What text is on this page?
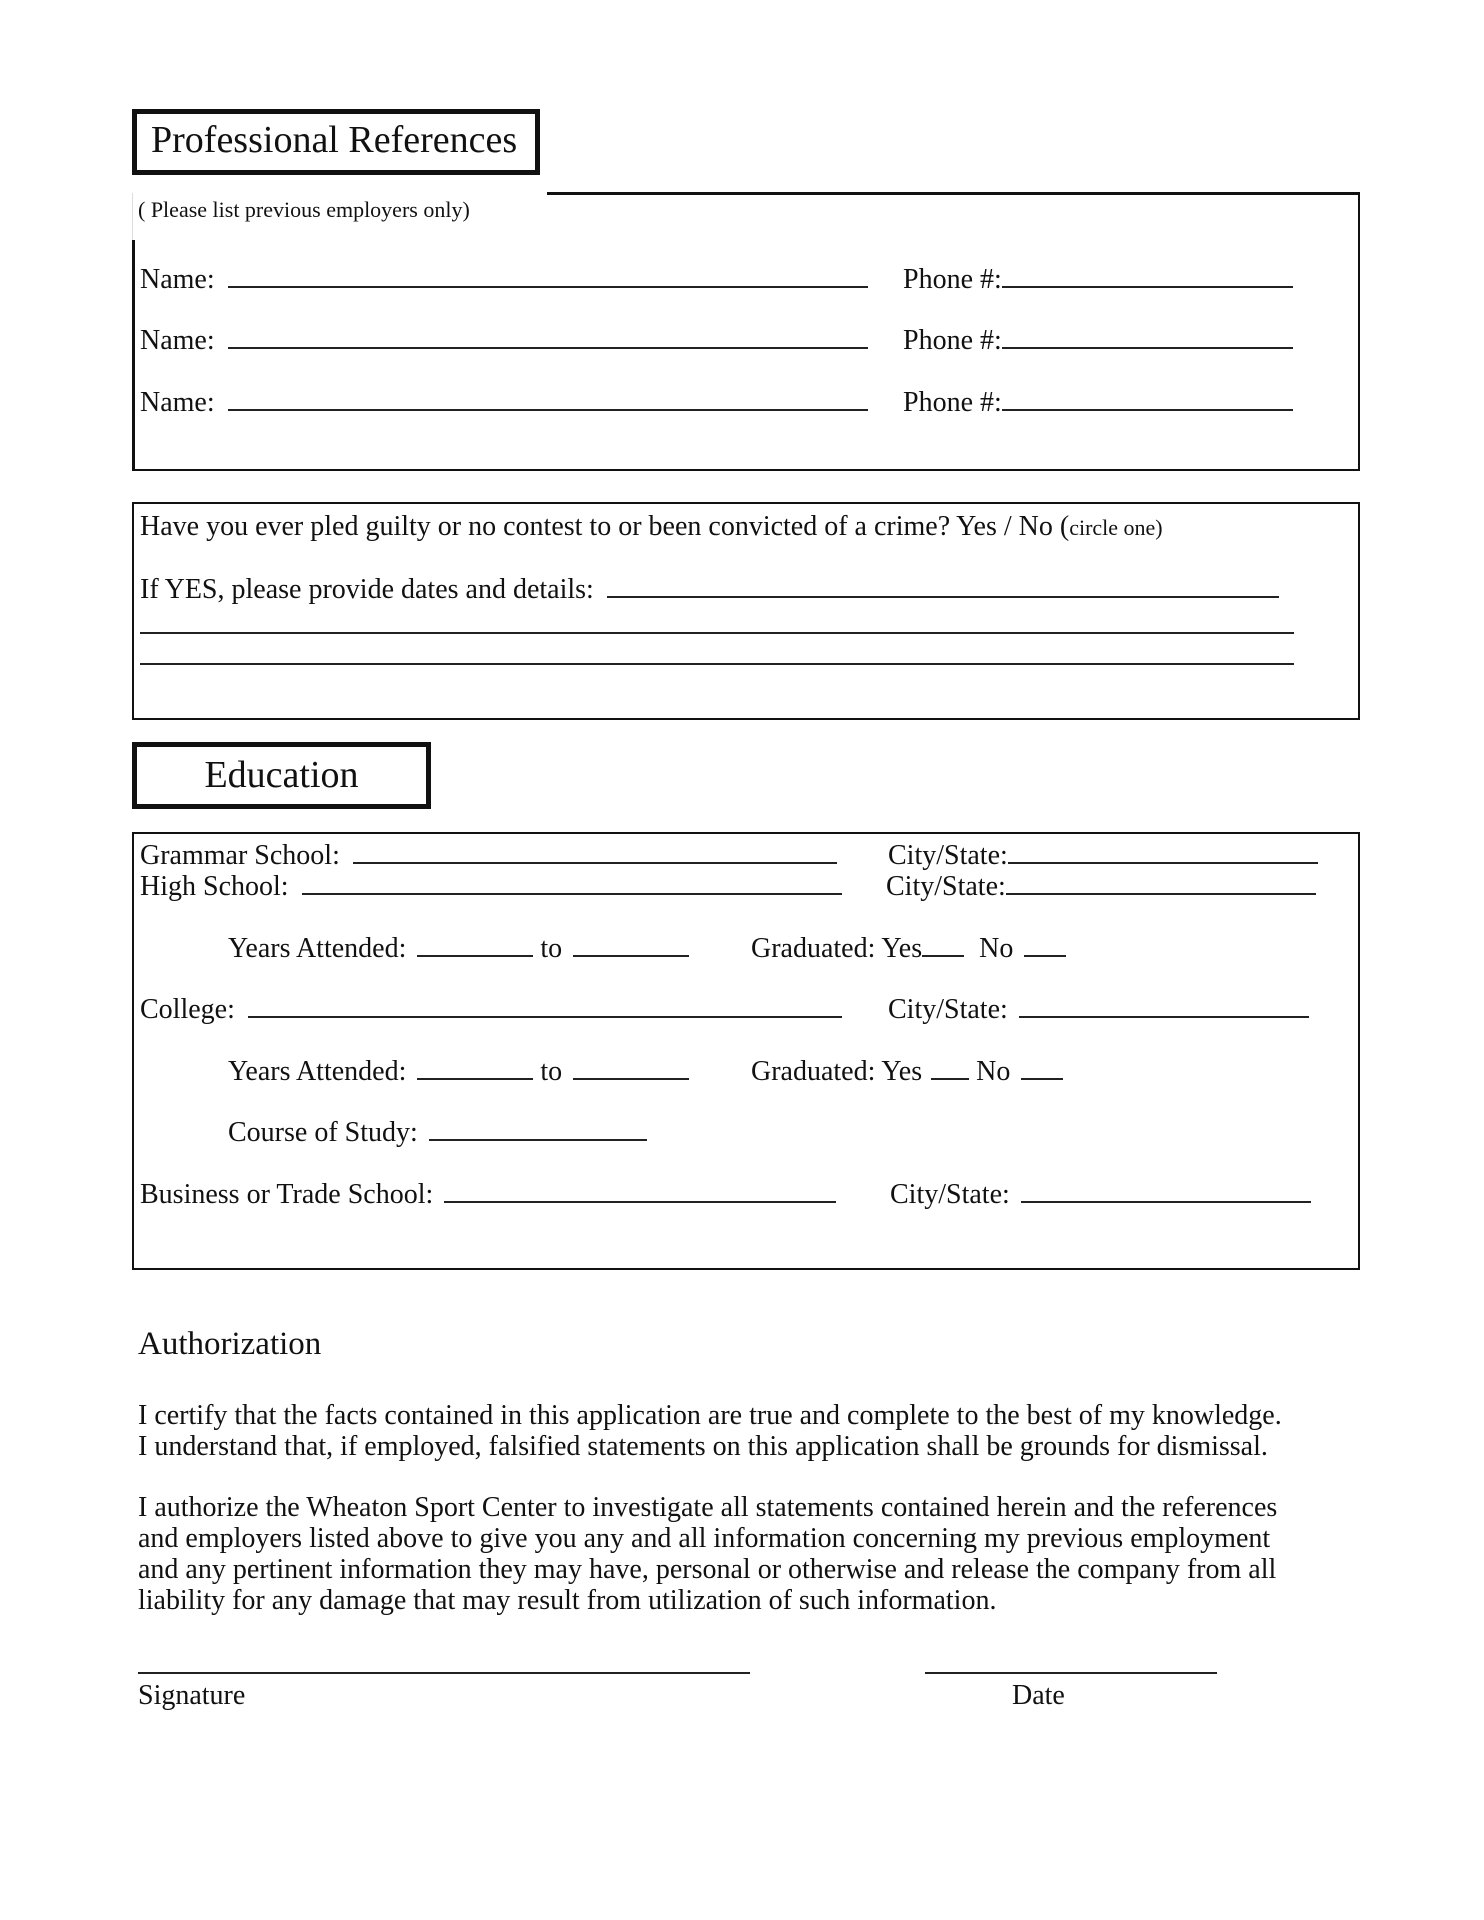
Professional References
( Please list previous employers only)
Name:	Phone #:
Name:	Phone #:
Name:	Phone #:
Have you ever pled guilty or no contest to or been convicted of a crime? Yes / No (circle one)
If YES, please provide dates and details:
Education
Grammar School:	City/State:
High School:	City/State:
Years Attended:	to	Graduated: Yes No
College:	City/State:
Years Attended:	to	Graduated: Yes No
Course of Study:
Business or Trade School:	City/State:
Authorization
I certify that the facts contained in this application are true and complete to the best of my knowledge.
I understand that, if employed, falsified statements on this application shall be grounds for dismissal.
I authorize the Wheaton Sport Center to investigate all statements contained herein and the references
and employers listed above to give you any and all information concerning my previous employment
and any pertinent information they may have, personal or otherwise and release the company from all
liability for any damage that may result from utilization of such information.
Signature	Date
